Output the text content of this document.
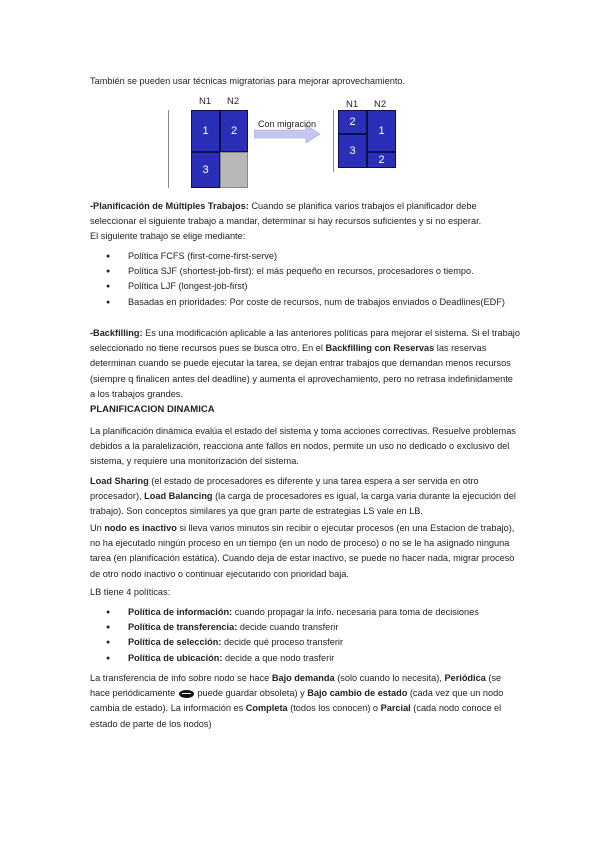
También se pueden usar técnicas migratorias para mejorar aprovechamiento.
N1 N2
1	2
3
Con migración
N1 N2
2
1
3
2
-Planificación de Múltiples Trabajos: Cuando se planifica varios trabajos el planificador debe seleccionar el siguiente trabajo a mandar, determinar si hay recursos suficientes y si no esperar.
El siguiente trabajo se elige mediante:
● Política FCFS (first-come-first-serve)
● Política SJF (shortest-job-first): el más pequeño en recursos, procesadores o tiempo.
● Política LJF (longest-job-first)
● Basadas en prioridades: Por coste de recursos, num de trabajos enviados o Deadlines(EDF)
-Backfilling: Es una modificación aplicable a las anteriores políticas para mejorar el sistema. Si el trabajo seleccionado no tiene recursos pues se busca otro. En el Backfilling con Reservas las reservas determinan cuando se puede ejecutar la tarea, se dejan entrar trabajos que demandan menos recursos (siempre q finalicen antes del deadline) y aumenta el aprovechamiento, pero no retrasa indefinidamente a los trabajos grandes.
PLANIFICACION DINAMICA
La planificación dinámica evalúa el estado del sistema y toma acciones correctivas. Resuelve problemas debidos a la paralelización, reacciona ante fallos en nodos, permite un uso no dedicado o exclusivo del sistema, y requiere una monitorización del sistema.
Load Sharing (el estado de procesadores es diferente y una tarea espera a ser servida en otro procesador), Load Balancing (la carga de procesadores es igual, la carga varia durante la ejecución del trabajo). Son conceptos similares ya que gran parte de estrategias LS vale en LB.
Un nodo es inactivo si lleva varios minutos sin recibir o ejecutar procesos (en una Estacion de trabajo), no ha ejecutado ningún proceso en un tiempo (en un nodo de proceso) o no se le ha asignado ninguna tarea (en planificación estática). Cuando deja de estar inactivo, se puede no hacer nada, migrar proceso de otro nodo inactivo o continuar ejecutando con prioridad baja.
LB tiene 4 políticas:
● Política de información: cuando propagar la info. necesaria para toma de decisiones
● Política de transferencia: decide cuando transferir
● Política de selección: decide qué proceso transferir
● Política de ubicación: decide a que nodo trasferir
La transferencia de info sobre nodo se hace Bajo demanda (solo cuando lo necesita), Periódica (se hace periódicamente  puede guardar obsoleta) y Bajo cambio de estado (cada vez que un nodo cambia de estado). La información es Completa (todos los conocen) o Parcial (cada nodo conoce el estado de parte de los nodos)
